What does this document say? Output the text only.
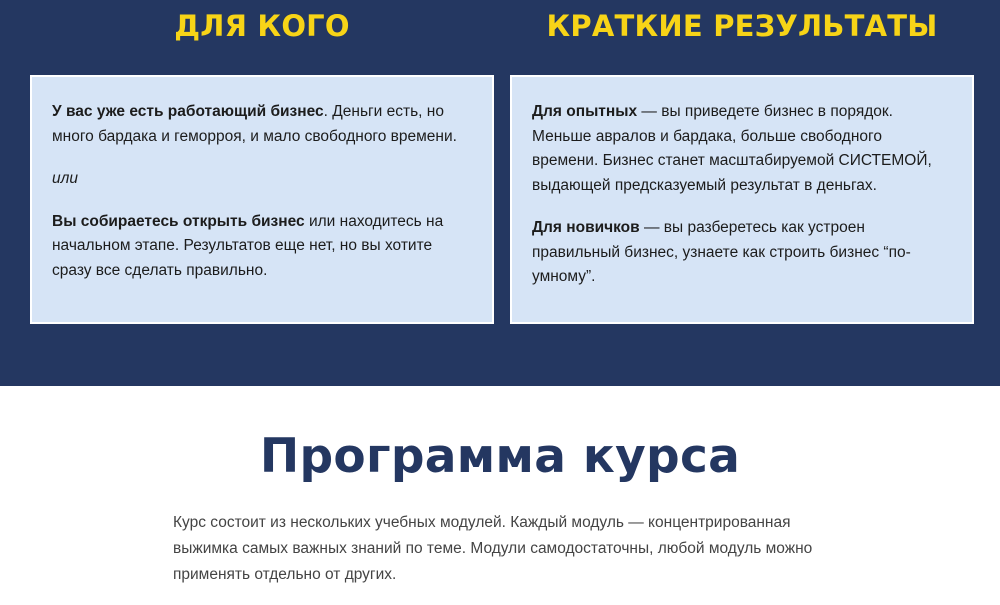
ДЛЯ КОГО

У вас уже есть работающий бизнес. Деньги есть, но много бардака и геморроя, и мало свободного времени.

или

Вы собираетесь открыть бизнес или находитесь на начальном этапе. Результатов еще нет, но вы хотите сразу все сделать правильно.

КРАТКИЕ РЕЗУЛЬТАТЫ

Для опытных — вы приведете бизнес в порядок. Меньше авралов и бардака, больше свободного времени. Бизнес станет масштабируемой СИСТЕМОЙ, выдающей предсказуемый результат в деньгах.

Для новичков — вы разберетесь как устроен правильный бизнес, узнаете как строить бизнес “по-умному”.

Программа курса

Курс состоит из нескольких учебных модулей. Каждый модуль — концентрированная выжимка самых важных знаний по теме. Модули самодостаточны, любой модуль можно применять отдельно от других.
